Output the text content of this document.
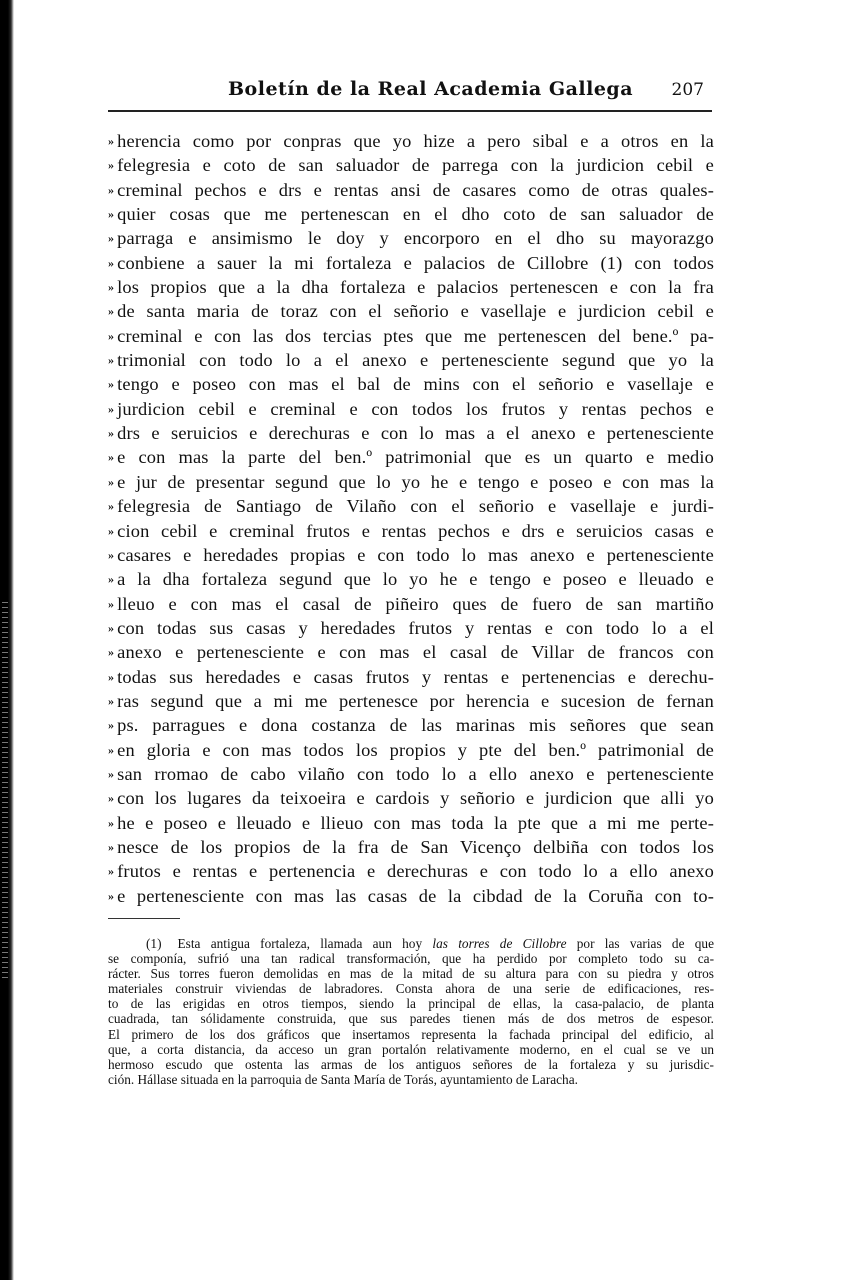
Boletín de la Real Academia Gallega 207
» herencia como por conpras que yo hize a pero sibal e a otros en la
» felegresia e coto de san saluador de parrega con la jurdicion cebil e
» creminal pechos e drs e rentas ansi de casares como de otras quales-
» quier cosas que me pertenescan en el dho coto de san saluador de
» parraga e ansimismo le doy y encorporo en el dho su mayorazgo
» conbiene a sauer la mi fortaleza e palacios de Cillobre (1) con todos
» los propios que a la dha fortaleza e palacios pertenescen e con la fra
» de santa maria de toraz con el señorio e vasellaje e jurdicion cebil e
» creminal e con las dos tercias ptes que me pertenescen del bene.º pa-
» trimonial con todo lo a el anexo e pertenesciente segund que yo la
» tengo e poseo con mas el bal de mins con el señorio e vasellaje e
» jurdicion cebil e creminal e con todos los frutos y rentas pechos e
» drs e seruicios e derechuras e con lo mas a el anexo e pertenesciente
» e con mas la parte del ben.º patrimonial que es un quarto e medio
» e jur de presentar segund que lo yo he e tengo e poseo e con mas la
» felegresia de Santiago de Vilaño con el señorio e vasellaje e jurdi-
» cion cebil e creminal frutos e rentas pechos e drs e seruicios casas e
» casares e heredades propias e con todo lo mas anexo e pertenesciente
» a la dha fortaleza segund que lo yo he e tengo e poseo e lleuado e
» lleuo e con mas el casal de piñeiro ques de fuero de san martiño
» con todas sus casas y heredades frutos y rentas e con todo lo a el
» anexo e pertenesciente e con mas el casal de Villar de francos con
» todas sus heredades e casas frutos y rentas e pertenencias e derechu-
» ras segund que a mi me pertenesce por herencia e sucesion de fernan
» ps. parragues e dona costanza de las marinas mis señores que sean
» en gloria e con mas todos los propios y pte del ben.º patrimonial de
» san rromao de cabo vilaño con todo lo a ello anexo e pertenesciente
» con los lugares da teixoeira e cardois y señorio e jurdicion que alli yo
» he e poseo e lleuado e llieuo con mas toda la pte que a mi me perte-
» nesce de los propios de la fra de San Vicenço delbiña con todos los
» frutos e rentas e pertenencia e derechuras e con todo lo a ello anexo
» e pertenesciente con mas las casas de la cibdad de la Coruña con to-
(1) Esta antigua fortaleza, llamada aun hoy las torres de Cillobre por las varias de que
se componía, sufrió una tan radical transformación, que ha perdido por completo todo su ca-
rácter. Sus torres fueron demolidas en mas de la mitad de su altura para con su piedra y otros
materiales construir viviendas de labradores. Consta ahora de una serie de edificaciones, res-
to de las erigidas en otros tiempos, siendo la principal de ellas, la casa-palacio, de planta
cuadrada, tan sólidamente construida, que sus paredes tienen más de dos metros de espesor.
El primero de los dos gráficos que insertamos representa la fachada principal del edificio, al
que, a corta distancia, da acceso un gran portalón relativamente moderno, en el cual se ve un
hermoso escudo que ostenta las armas de los antiguos señores de la fortaleza y su jurisdic-
ción. Hállase situada en la parroquia de Santa María de Torás, ayuntamiento de Laracha.
